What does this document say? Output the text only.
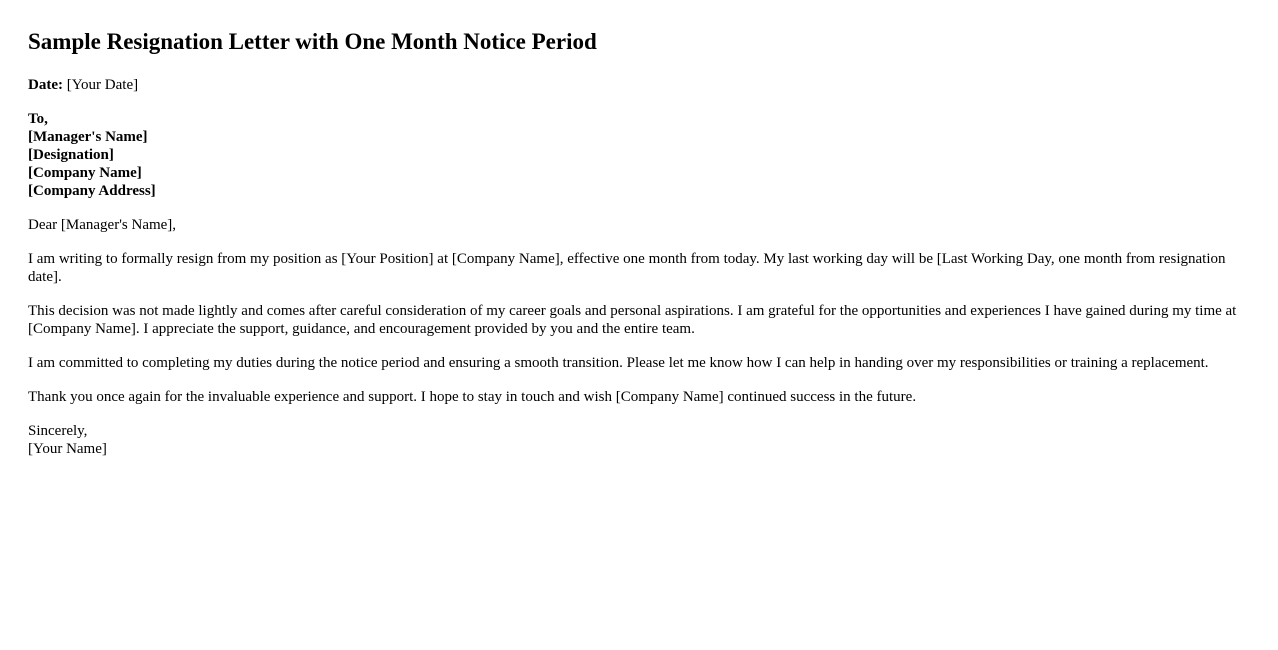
Sample Resignation Letter with One Month Notice Period

Date: [Your Date]

To,
[Manager's Name]
[Designation]
[Company Name]
[Company Address]

Dear [Manager's Name],

I am writing to formally resign from my position as [Your Position] at [Company Name], effective one month from today. My last working day will be [Last Working Day, one month from resignation date].

This decision was not made lightly and comes after careful consideration of my career goals and personal aspirations. I am grateful for the opportunities and experiences I have gained during my time at [Company Name]. I appreciate the support, guidance, and encouragement provided by you and the entire team.

I am committed to completing my duties during the notice period and ensuring a smooth transition. Please let me know how I can help in handing over my responsibilities or training a replacement.

Thank you once again for the invaluable experience and support. I hope to stay in touch and wish [Company Name] continued success in the future.

Sincerely,
[Your Name]
